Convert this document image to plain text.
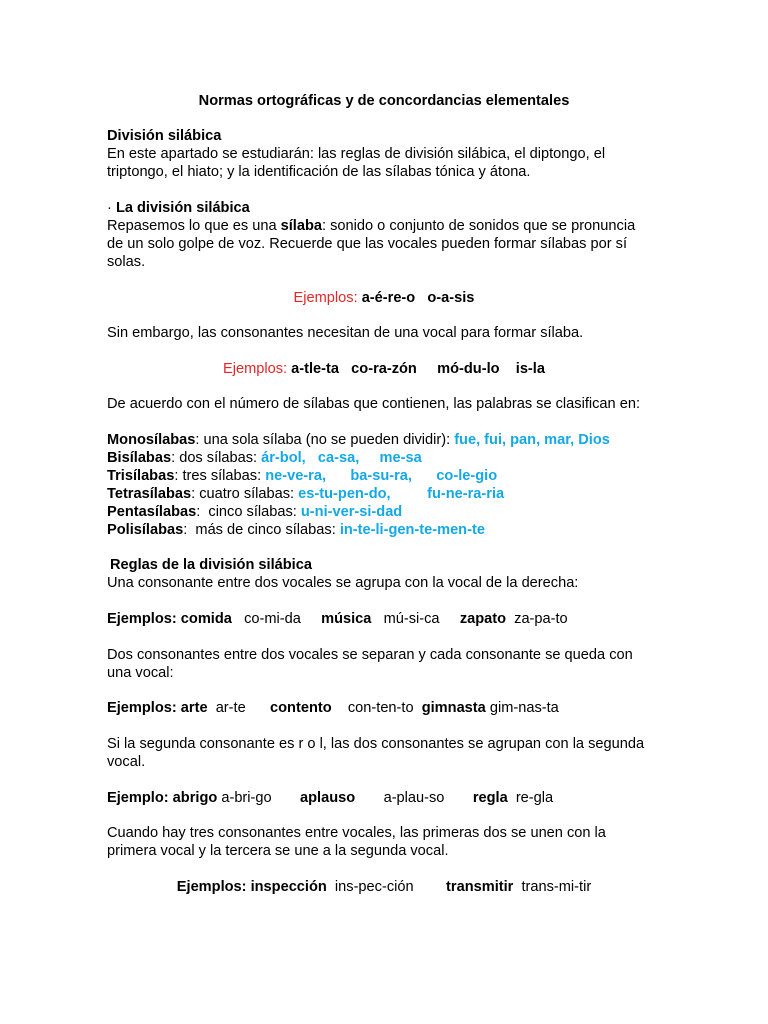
Normas ortográficas y de concordancias elementales
División silábica
En este apartado se estudiarán: las reglas de división silábica, el diptongo, el
triptongo, el hiato; y la identificación de las sílabas tónica y átona.
· La división silábica
Repasemos lo que es una sílaba: sonido o conjunto de sonidos que se pronuncia
de un solo golpe de voz. Recuerde que las vocales pueden formar sílabas por sí
solas.
Ejemplos: a-é-re-o o-a-sis
Sin embargo, las consonantes necesitan de una vocal para formar sílaba.
Ejemplos: a-tle-ta co-ra-zón mó-du-lo is-la
De acuerdo con el número de sílabas que contienen, las palabras se clasifican en:
Monosílabas: una sola sílaba (no se pueden dividir): fue, fui, pan, mar, Dios
Bisílabas: dos sílabas: ár-bol,   ca-sa,     me-sa
Trisílabas: tres sílabas: ne-ve-ra,      ba-su-ra,      co-le-gio
Tetrasílabas: cuatro sílabas: es-tu-pen-do,         fu-ne-ra-ria
Pentasílabas:  cinco sílabas: u-ni-ver-si-dad
Polisílabas:  más de cinco sílabas: in-te-li-gen-te-men-te
Reglas de la división silábica
Una consonante entre dos vocales se agrupa con la vocal de la derecha:
Ejemplos: comida co-mi-da música mú-si-ca zapato za-pa-to
Dos consonantes entre dos vocales se separan y cada consonante se queda con
una vocal:
Ejemplos: arte ar-te contento con-ten-to gimnasta gim-nas-ta
Si la segunda consonante es r o l, las dos consonantes se agrupan con la segunda
vocal.
Ejemplo: abrigo a-bri-go aplauso a-plau-so regla re-gla
Cuando hay tres consonantes entre vocales, las primeras dos se unen con la
primera vocal y la tercera se une a la segunda vocal.
Ejemplos: inspección ins-pec-ción transmitir trans-mi-tir
